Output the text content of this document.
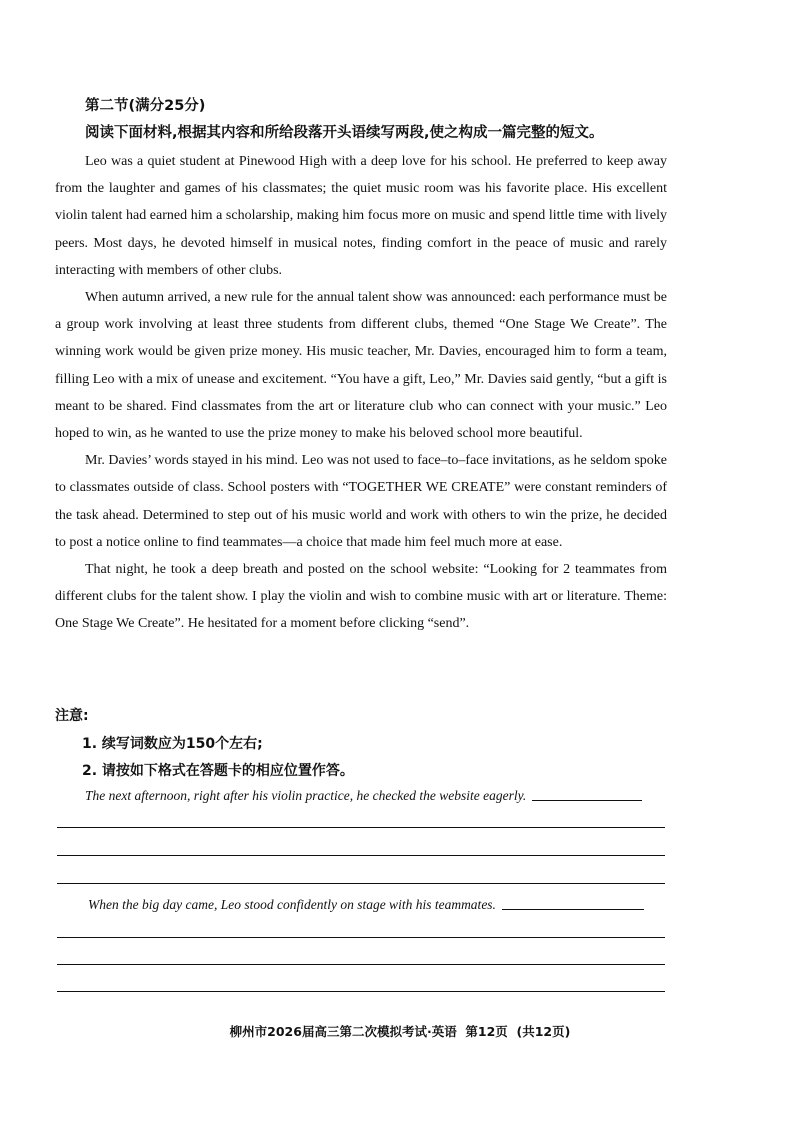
第二节(满分25分)
阅读下面材料,根据其内容和所给段落开头语续写两段,使之构成一篇完整的短文。

Leo was a quiet student at Pinewood High with a deep love for his school. He preferred to keep away from the laughter and games of his classmates; the quiet music room was his favorite place. His excellent violin talent had earned him a scholarship, making him focus more on music and spend little time with lively peers. Most days, he devoted himself in musical notes, finding comfort in the peace of music and rarely interacting with members of other clubs.

When autumn arrived, a new rule for the annual talent show was announced: each performance must be a group work involving at least three students from different clubs, themed “One Stage We Create”. The winning work would be given prize money. His music teacher, Mr. Davies, encouraged him to form a team, filling Leo with a mix of unease and excitement. “You have a gift, Leo,” Mr. Davies said gently, “but a gift is meant to be shared. Find classmates from the art or literature club who can connect with your music.” Leo hoped to win, as he wanted to use the prize money to make his beloved school more beautiful.

Mr. Davies’ words stayed in his mind. Leo was not used to face–to–face invitations, as he seldom spoke to classmates outside of class. School posters with “TOGETHER WE CREATE” were constant reminders of the task ahead. Determined to step out of his music world and work with others to win the prize, he decided to post a notice online to find teammates—a choice that made him feel much more at ease.

That night, he took a deep breath and posted on the school website: “Looking for 2 teammates from different clubs for the talent show. I play the violin and wish to combine music with art or literature. Theme: One Stage We Create”. He hesitated for a moment before clicking “send”.

注意:
1. 续写词数应为150个左右;
2. 请按如下格式在答题卡的相应位置作答。
The next afternoon, right after his violin practice, he checked the website eagerly.
When the big day came, Leo stood confidently on stage with his teammates.
柳州市2026届高三第二次模拟考试·英语  第12页  (共12页)
